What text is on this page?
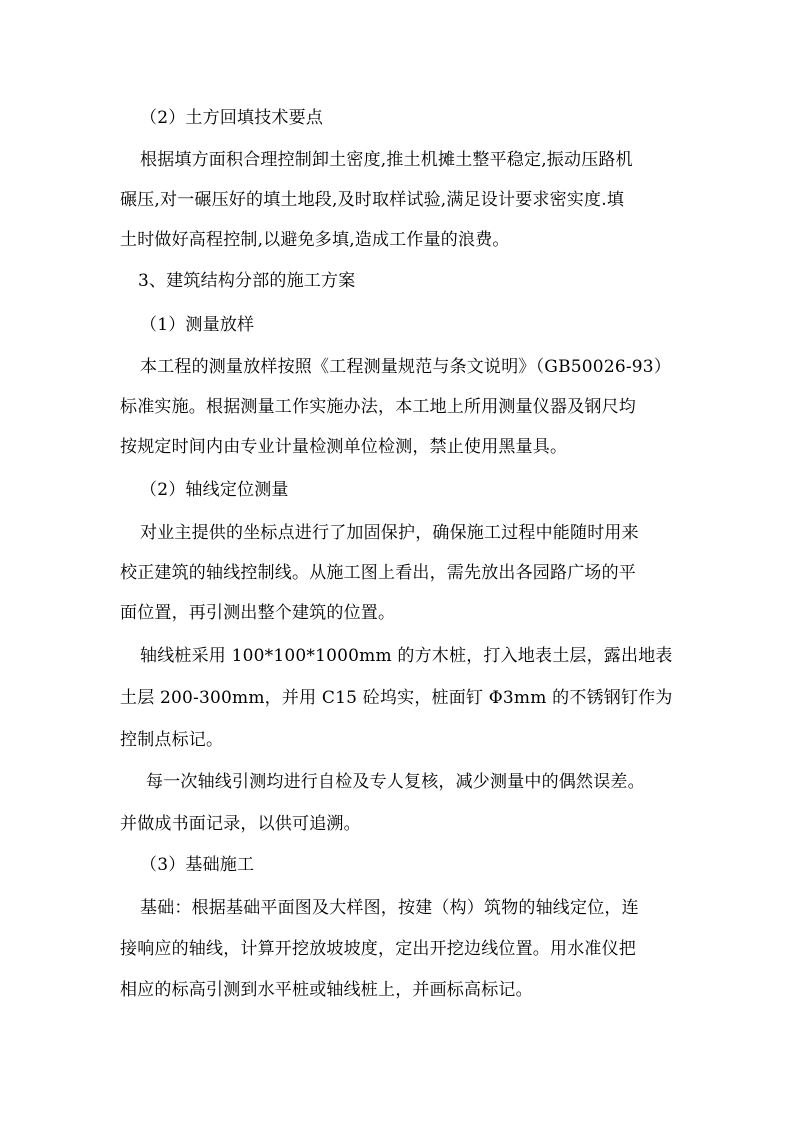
（2）土方回填技术要点
根据填方面积合理控制卸土密度,推土机摊土整平稳定,振动压路机
碾压,对一碾压好的填土地段,及时取样试验,满足设计要求密实度.填
土时做好高程控制,以避免多填,造成工作量的浪费。
3、建筑结构分部的施工方案
（1）测量放样
本工程的测量放样按照《工程测量规范与条文说明》（GB50026-93）
标准实施。根据测量工作实施办法，本工地上所用测量仪器及钢尺均
按规定时间内由专业计量检测单位检测，禁止使用黑量具。
（2）轴线定位测量
对业主提供的坐标点进行了加固保护，确保施工过程中能随时用来
校正建筑的轴线控制线。从施工图上看出，需先放出各园路广场的平
面位置，再引测出整个建筑的位置。
轴线桩采用 100*100*1000mm 的方木桩，打入地表土层，露出地表
土层 200-300mm，并用 C15 砼坞实，桩面钉 Φ3mm 的不锈钢钉作为
控制点标记。
每一次轴线引测均进行自检及专人复核，减少测量中的偶然误差。
并做成书面记录，以供可追溯。
（3）基础施工
基础：根据基础平面图及大样图，按建（构）筑物的轴线定位，连
接响应的轴线，计算开挖放坡坡度，定出开挖边线位置。用水准仪把
相应的标高引测到水平桩或轴线桩上，并画标高标记。
